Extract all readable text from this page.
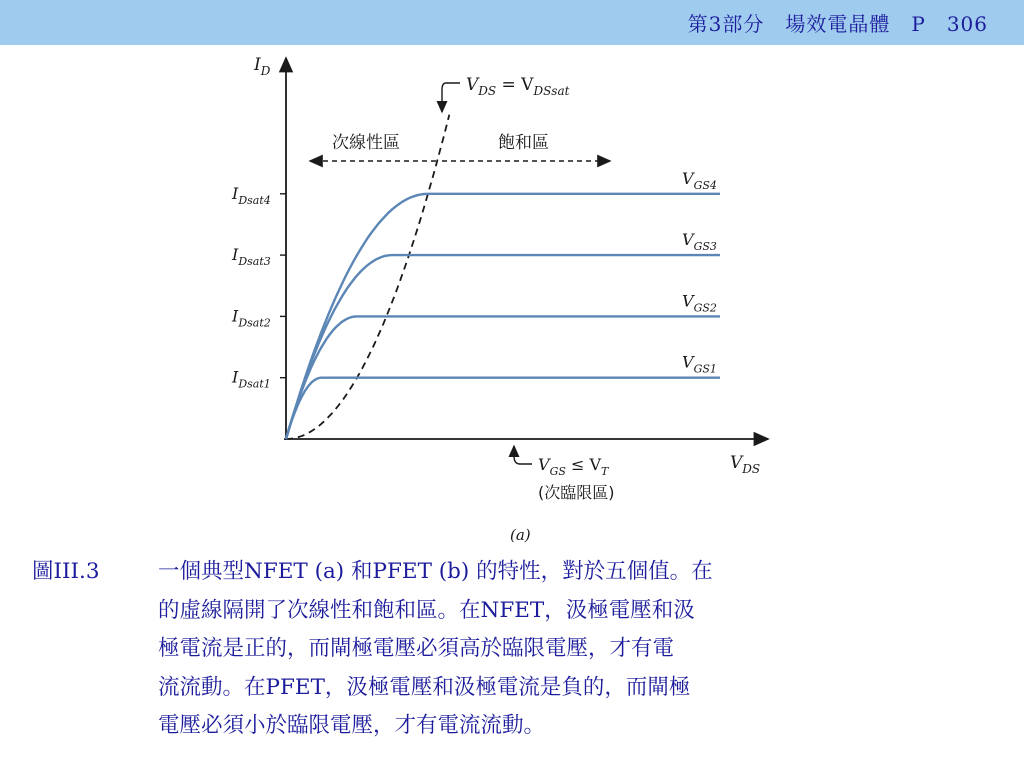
第3部分　場效電晶體　P　306
$I_D$
$V_{DS}$
$V_{DS} = V_{DSsat}$
次線性區	飽和區
$V_{GS} \le V_T$
(次臨限區)
(a)
$V_{GS1}$
$V_{GS2}$
$V_{GS3}$
$V_{GS4}$
$I_{Dsat1}$
$I_{Dsat2}$
$I_{Dsat3}$
$I_{Dsat4}$
圖III.3	一個典型NFET (a) 和PFET (b) 的特性，對於五個值。在
的虛線隔開了次線性和飽和區。在NFET，汲極電壓和汲
極電流是正的，而閘極電壓必須高於臨限電壓，才有電
流流動。在PFET，汲極電壓和汲極電流是負的，而閘極
電壓必須小於臨限電壓，才有電流流動。
